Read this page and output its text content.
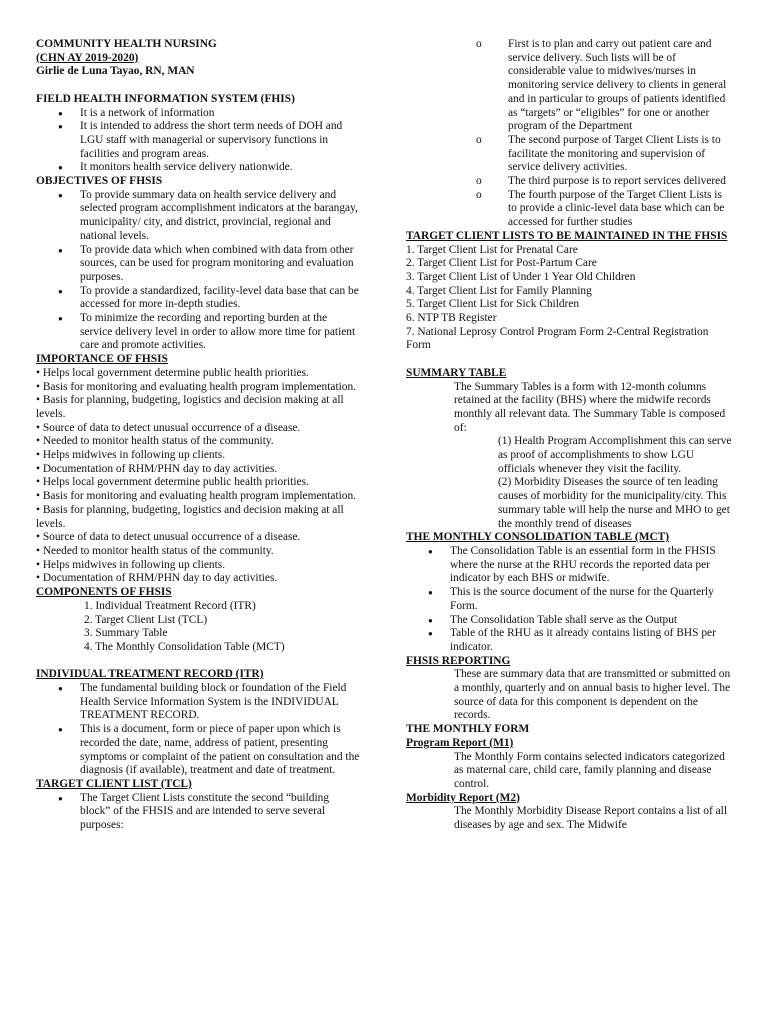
COMMUNITY HEALTH NURSING
(CHN AY 2019-2020)
Girlie de Luna Tayao, RN, MAN
FIELD HEALTH INFORMATION SYSTEM (FHIS)
● It is a network of information
● It is intended to address the short term needs of DOH and LGU staff with managerial or supervisory functions in facilities and program areas.
● It monitors health service delivery nationwide.
OBJECTIVES OF FHSIS
● To provide summary data on health service delivery and selected program accomplishment indicators at the barangay, municipality/ city, and district, provincial, regional and national levels.
● To provide data which when combined with data from other sources, can be used for program monitoring and evaluation purposes.
● To provide a standardized, facility-level data base that can be accessed for more in-depth studies.
● To minimize the recording and reporting burden at the service delivery level in order to allow more time for patient care and promote activities.
IMPORTANCE OF FHSIS
• Helps local government determine public health priorities.
• Basis for monitoring and evaluating health program implementation.
• Basis for planning, budgeting, logistics and decision making at all levels.
• Source of data to detect unusual occurrence of a disease.
• Needed to monitor health status of the community.
• Helps midwives in following up clients.
• Documentation of RHM/PHN day to day activities.
• Helps local government determine public health priorities.
• Basis for monitoring and evaluating health program implementation.
• Basis for planning, budgeting, logistics and decision making at all levels.
• Source of data to detect unusual occurrence of a disease.
• Needed to monitor health status of the community.
• Helps midwives in following up clients.
• Documentation of RHM/PHN day to day activities.
COMPONENTS OF FHSIS
1. Individual Treatment Record (ITR)
2. Target Client List (TCL)
3. Summary Table
4. The Monthly Consolidation Table (MCT)
INDIVIDUAL TREATMENT RECORD (ITR)
● The fundamental building block or foundation of the Field Health Service Information System is the INDIVIDUAL TREATMENT RECORD.
● This is a document, form or piece of paper upon which is recorded the date, name, address of patient, presenting symptoms or complaint of the patient on consultation and the diagnosis (if available), treatment and date of treatment.
TARGET CLIENT LIST (TCL)
● The Target Client Lists constitute the second “building block” of the FHSIS and are intended to serve several purposes:
o First is to plan and carry out patient care and service delivery. Such lists will be of considerable value to midwives/nurses in monitoring service delivery to clients in general and in particular to groups of patients identified as “targets” or “eligibles” for one or another program of the Department
o The second purpose of Target Client Lists is to facilitate the monitoring and supervision of service delivery activities.
o The third purpose is to report services delivered
o The fourth purpose of the Target Client Lists is to provide a clinic-level data base which can be accessed for further studies
TARGET CLIENT LISTS TO BE MAINTAINED IN THE FHSIS
1. Target Client List for Prenatal Care
2. Target Client List for Post-Partum Care
3. Target Client List of Under 1 Year Old Children
4. Target Client List for Family Planning
5. Target Client List for Sick Children
6. NTP TB Register
7. National Leprosy Control Program Form 2-Central Registration Form
SUMMARY TABLE
The Summary Tables is a form with 12-month columns retained at the facility (BHS) where the midwife records monthly all relevant data. The Summary Table is composed of:
(1) Health Program Accomplishment this can serve as proof of accomplishments to show LGU officials whenever they visit the facility.
(2) Morbidity Diseases the source of ten leading causes of morbidity for the municipality/city. This summary table will help the nurse and MHO to get the monthly trend of diseases
THE MONTHLY CONSOLIDATION TABLE (MCT)
● The Consolidation Table is an essential form in the FHSIS where the nurse at the RHU records the reported data per indicator by each BHS or midwife.
● This is the source document of the nurse for the Quarterly Form.
● The Consolidation Table shall serve as the Output
● Table of the RHU as it already contains listing of BHS per indicator.
FHSIS REPORTING
These are summary data that are transmitted or submitted on a monthly, quarterly and on annual basis to higher level. The source of data for this component is dependent on the records.
THE MONTHLY FORM
Program Report (M1)
The Monthly Form contains selected indicators categorized as maternal care, child care, family planning and disease control.
Morbidity Report (M2)
The Monthly Morbidity Disease Report contains a list of all diseases by age and sex. The Midwife
